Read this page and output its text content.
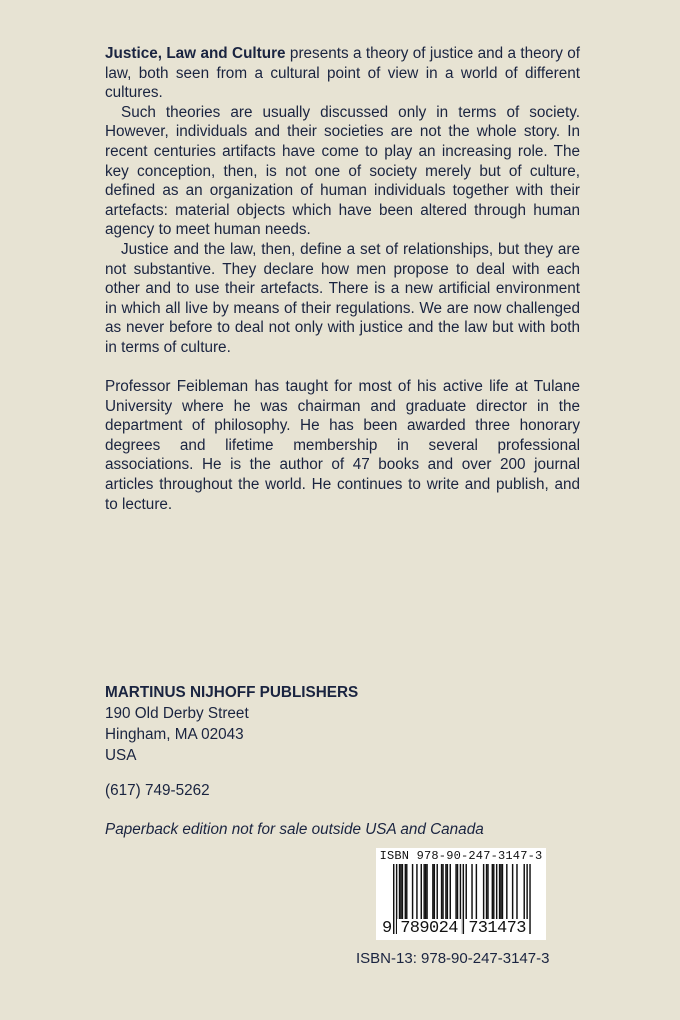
Justice, Law and Culture presents a theory of justice and a theory of law, both seen from a cultural point of view in a world of different cultures.

Such theories are usually discussed only in terms of society. However, individuals and their societies are not the whole story. In recent centuries artifacts have come to play an increasing role. The key conception, then, is not one of society merely but of culture, defined as an organization of human individuals together with their artefacts: material objects which have been altered through human agency to meet human needs.

Justice and the law, then, define a set of relationships, but they are not substantive. They declare how men propose to deal with each other and to use their artefacts. There is a new artificial environment in which all live by means of their regulations. We are now challenged as never before to deal not only with justice and the law but with both in terms of culture.

Professor Feibleman has taught for most of his active life at Tulane University where he was chairman and graduate director in the department of philosophy. He has been awarded three honorary degrees and lifetime membership in several professional associations. He is the author of 47 books and over 200 journal articles throughout the world. He continues to write and publish, and to lecture.

MARTINUS NIJHOFF PUBLISHERS
190 Old Derby Street
Hingham, MA 02043
USA
(617) 749-5262
Paperback edition not for sale outside USA and Canada
ISBN 978-90-247-3147-3
9 789024 731473
ISBN-13: 978-90-247-3147-3
